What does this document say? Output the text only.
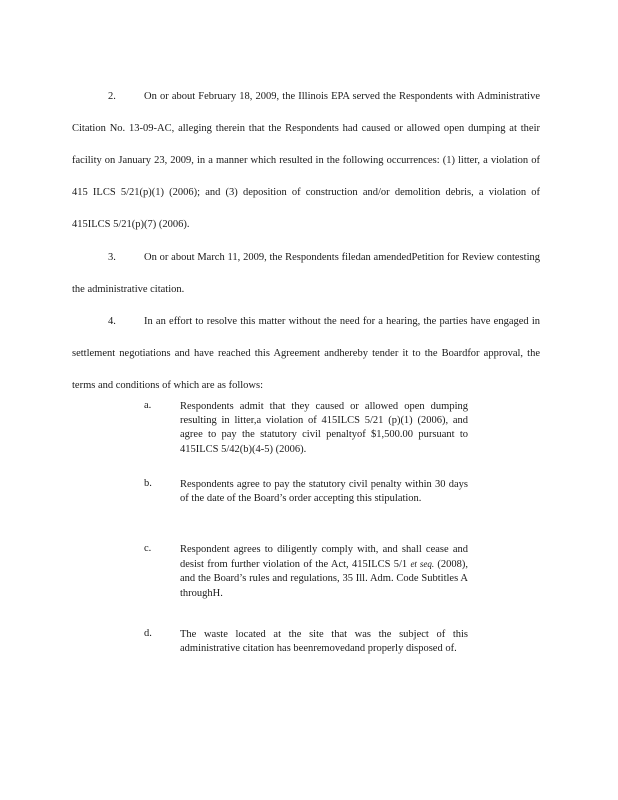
2.	On or about February 18, 2009, the Illinois EPA served the Respondents with Administrative Citation No. 13-09-AC, alleging therein that the Respondents had caused or allowed open dumping at their facility on January 23, 2009, in a manner which resulted in the following occurrences: (1) litter, a violation of 415 ILCS 5/21(p)(1) (2006); and (3) deposition of construction and/or demolition debris, a violation of 415ILCS 5/21(p)(7) (2006).

3.	On or about March 11, 2009, the Respondents filedan amendedPetition for Review contesting the administrative citation.

4.	In an effort to resolve this matter without the need for a hearing, the parties have engaged in settlement negotiations and have reached this Agreement andhereby tender it to the Boardfor approval, the terms and conditions of which are as follows:

a.	Respondents admit that they caused or allowed open dumping resulting in litter,a violation of 415ILCS 5/21 (p)(1) (2006), and agree to pay the statutory civil penaltyof $1,500.00 pursuant to 415ILCS 5/42(b)(4-5) (2006).
b.	Respondents agree to pay the statutory civil penalty within 30 days of the date of the Board’s order accepting this stipulation.
c.	Respondent agrees to diligently comply with, and shall cease and desist from further violation of the Act, 415ILCS 5/1 et seq. (2008), and the Board’s rules and regulations, 35 Ill. Adm. Code Subtitles A throughH.
d.	The waste located at the site that was the subject of this administrative citation has beenremovedand properly disposed of.
